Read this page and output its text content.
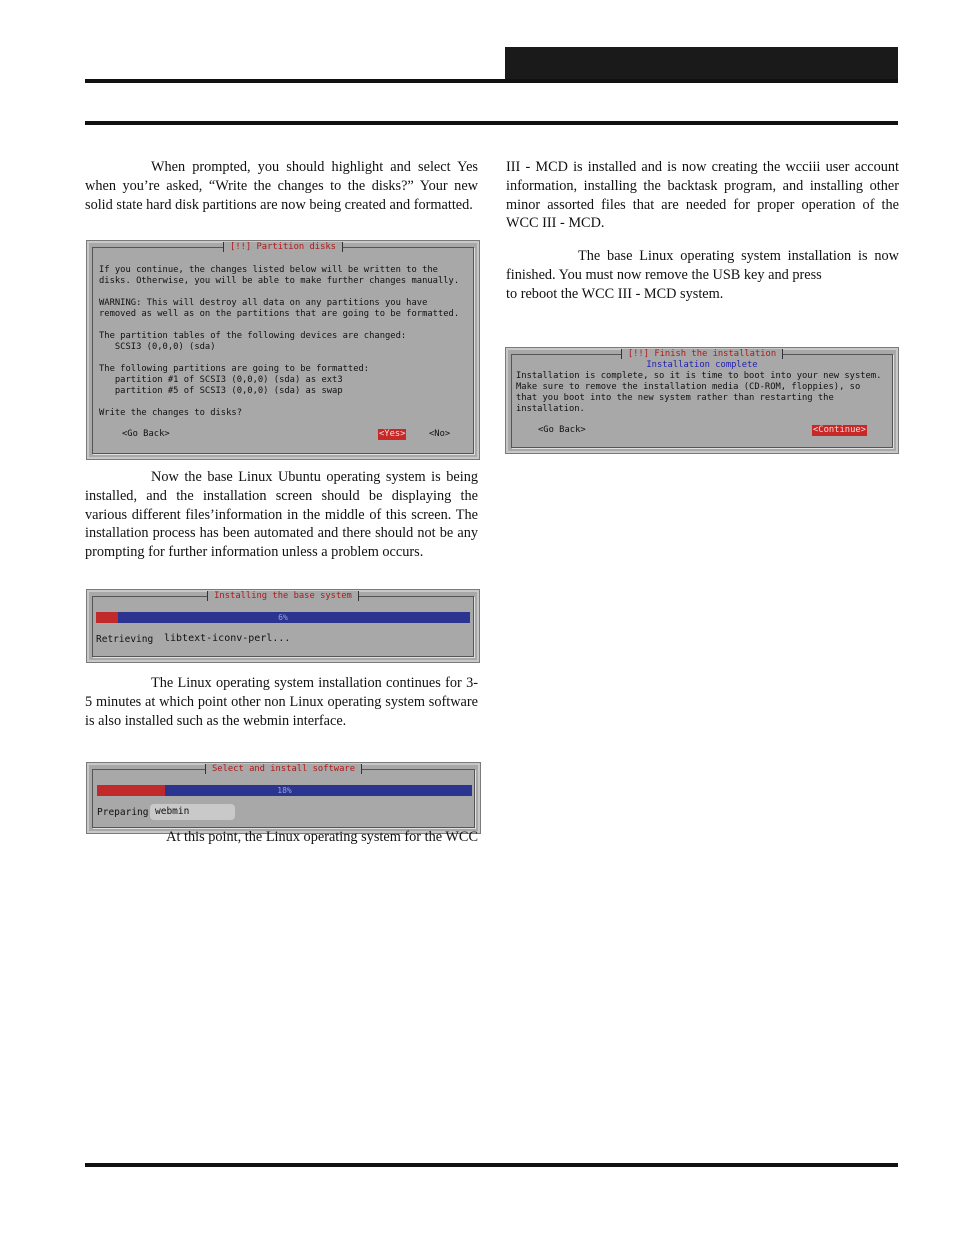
When prompted, you should highlight and select Yes when you’re asked, “Write the changes to the disks?” Your new solid state hard disk partitions are now being created and formatted.

[!!] Partition disks
If you continue, the changes listed below will be written to the
disks. Otherwise, you will be able to make further changes manually.

WARNING: This will destroy all data on any partitions you have
removed as well as on the partitions that are going to be formatted.

The partition tables of the following devices are changed:
SCSI3 (0,0,0) (sda)

The following partitions are going to be formatted:
partition #1 of SCSI3 (0,0,0) (sda) as ext3
partition #5 of SCSI3 (0,0,0) (sda) as swap

Write the changes to disks?
<Go Back>	<Yes>	<No>

Now the base Linux Ubuntu operating system is being installed, and the installation screen should be displaying the various different files’information in the middle of this screen. The installation process has been automated and there should not be any prompting for further information unless a problem occurs.

Installing the base system
6%
Retrieving	libtext-iconv-perl...

The Linux operating system installation continues for 3-5 minutes at which point other non Linux operating system software is also installed such as the webmin interface.

Select and install software
18%
Preparing webmin

At this point, the Linux operating system for the WCC

III - MCD is installed and is now creating the wcciii user account information, installing the backtask program, and installing other minor assorted files that are needed for proper operation of the WCC III - MCD.

The base Linux operating system installation is now finished. You must now remove the USB key and press

to reboot the WCC III - MCD system.

[!!] Finish the installation
Installation complete
Installation is complete, so it is time to boot into your new system.
Make sure to remove the installation media (CD-ROM, floppies), so
that you boot into the new system rather than restarting the
installation.
<Go Back>	<Continue>
